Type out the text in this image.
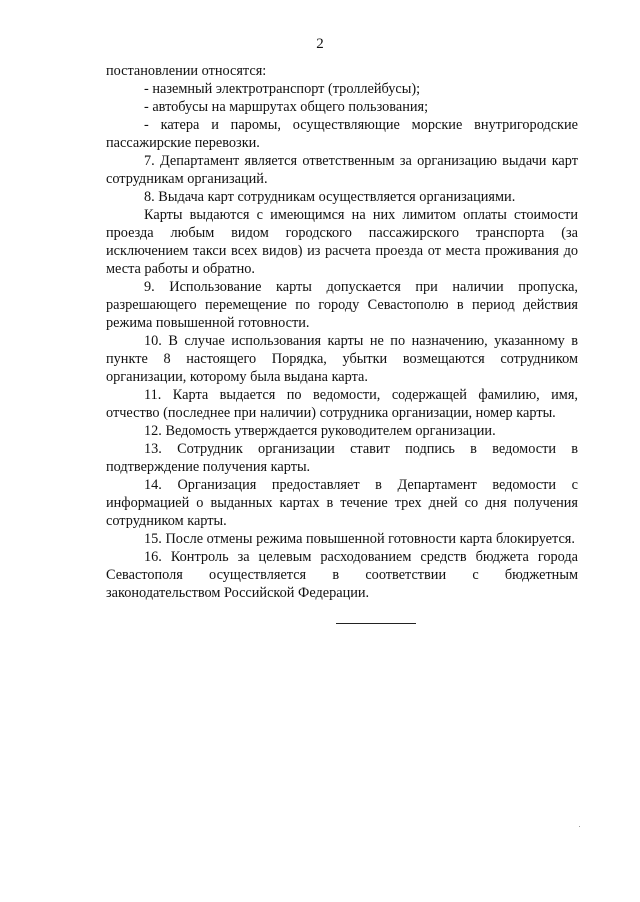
2

постановлении относятся:

- наземный электротранспорт (троллейбусы);

- автобусы на маршрутах общего пользования;

- катера и паромы, осуществляющие морские внутригородские пассажирские перевозки.

7. Департамент является ответственным за организацию выдачи карт сотрудникам организаций.

8. Выдача карт сотрудникам осуществляется организациями.

Карты выдаются с имеющимся на них лимитом оплаты стоимости проезда любым видом городского пассажирского транспорта (за исключением такси всех видов) из расчета проезда от места проживания до места работы и обратно.

9. Использование карты допускается при наличии пропуска, разрешающего перемещение по городу Севастополю в период действия режима повышенной готовности.

10. В случае использования карты не по назначению, указанному в пункте 8 настоящего Порядка, убытки возмещаются сотрудником организации, которому была выдана карта.

11. Карта выдается по ведомости, содержащей фамилию, имя, отчество (последнее при наличии) сотрудника организации, номер карты.

12. Ведомость утверждается руководителем организации.

13. Сотрудник организации ставит подпись в ведомости в подтверждение получения карты.

14. Организация предоставляет в Департамент ведомости с информацией о выданных картах в течение трех дней со дня получения сотрудником карты.

15. После отмены режима повышенной готовности карта блокируется.

16. Контроль за целевым расходованием средств бюджета города Севастополя осуществляется в соответствии с бюджетным законодательством Российской Федерации.
